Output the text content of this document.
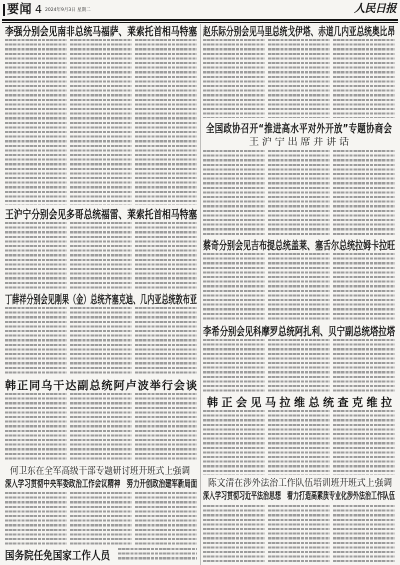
要闻 4 2024年9月3日 星期二	人民日报
李强分别会见南非总统马福萨、莱索托首相马特塞
王沪宁分别会见多哥总统福雷、莱索托首相马特塞
丁薛祥分别会见刚果（金）总统齐塞克迪、几内亚总统敦布亚
韩正同乌干达副总统阿卢波举行会谈
何卫东在全军高级干部专题研讨班开班式上强调
深入学习贯彻中央军委政治工作会议精神　努力开创政治建军新局面
国务院任免国家工作人员
赵乐际分别会见马里总统戈伊塔、赤道几内亚总统奥比昂
全国政协召开“推进高水平对外开放”专题协商会
王沪宁出席并讲话
蔡奇分别会见吉布提总统盖莱、塞舌尔总统拉姆卡拉旺
李希分别会见科摩罗总统阿扎利、贝宁副总统塔拉塔
韩正会见马拉维总统查克维拉
陈文清在涉外法治工作队伍培训班开班式上强调
深入学习贯彻习近平法治思想　着力打造高素质专业化涉外法治工作队伍
